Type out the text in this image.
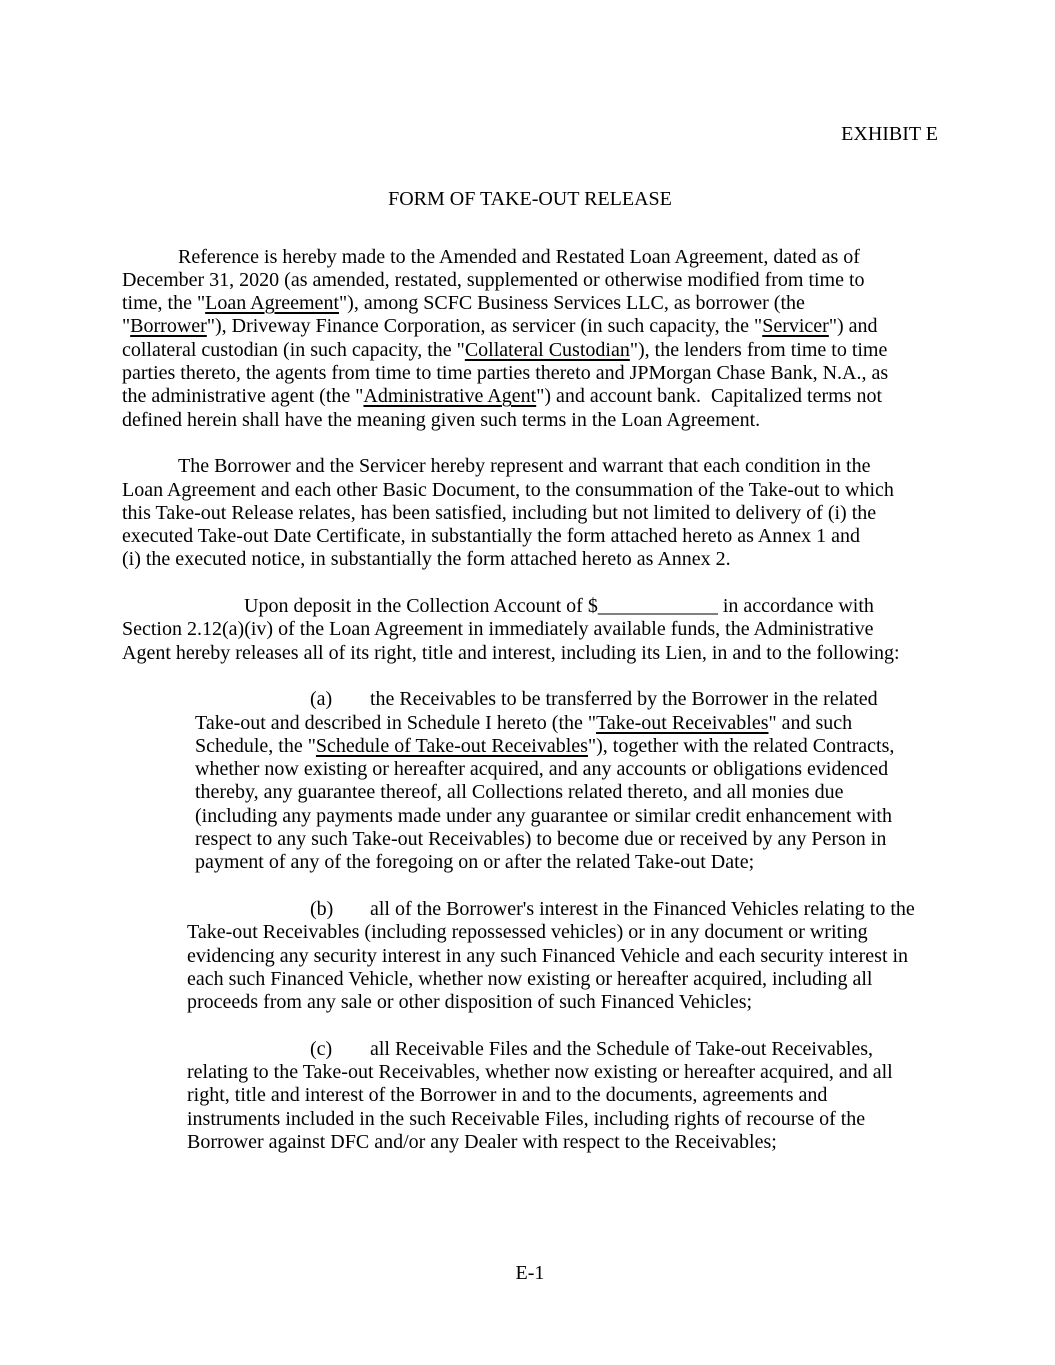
EXHIBIT E
FORM OF TAKE-OUT RELEASE
Reference is hereby made to the Amended and Restated Loan Agreement, dated as of
December 31, 2020 (as amended, restated, supplemented or otherwise modified from time to
time, the "Loan Agreement"), among SCFC Business Services LLC, as borrower (the
"Borrower"), Driveway Finance Corporation, as servicer (in such capacity, the "Servicer") and
collateral custodian (in such capacity, the "Collateral Custodian"), the lenders from time to time
parties thereto, the agents from time to time parties thereto and JPMorgan Chase Bank, N.A., as
the administrative agent (the "Administrative Agent") and account bank.  Capitalized terms not
defined herein shall have the meaning given such terms in the Loan Agreement.
The Borrower and the Servicer hereby represent and warrant that each condition in the
Loan Agreement and each other Basic Document, to the consummation of the Take-out to which
this Take-out Release relates, has been satisfied, including but not limited to delivery of (i) the
executed Take-out Date Certificate, in substantially the form attached hereto as Annex 1 and
(i) the executed notice, in substantially the form attached hereto as Annex 2.
Upon deposit in the Collection Account of $____________ in accordance with
Section 2.12(a)(iv) of the Loan Agreement in immediately available funds, the Administrative
Agent hereby releases all of its right, title and interest, including its Lien, in and to the following:
(a) the Receivables to be transferred by the Borrower in the related
Take-out and described in Schedule I hereto (the "Take-out Receivables" and such
Schedule, the "Schedule of Take-out Receivables"), together with the related Contracts,
whether now existing or hereafter acquired, and any accounts or obligations evidenced
thereby, any guarantee thereof, all Collections related thereto, and all monies due
(including any payments made under any guarantee or similar credit enhancement with
respect to any such Take-out Receivables) to become due or received by any Person in
payment of any of the foregoing on or after the related Take-out Date;
(b) all of the Borrower's interest in the Financed Vehicles relating to the
Take-out Receivables (including repossessed vehicles) or in any document or writing
evidencing any security interest in any such Financed Vehicle and each security interest in
each such Financed Vehicle, whether now existing or hereafter acquired, including all
proceeds from any sale or other disposition of such Financed Vehicles;
(c) all Receivable Files and the Schedule of Take-out Receivables,
relating to the Take-out Receivables, whether now existing or hereafter acquired, and all
right, title and interest of the Borrower in and to the documents, agreements and
instruments included in the such Receivable Files, including rights of recourse of the
Borrower against DFC and/or any Dealer with respect to the Receivables;
E-1
